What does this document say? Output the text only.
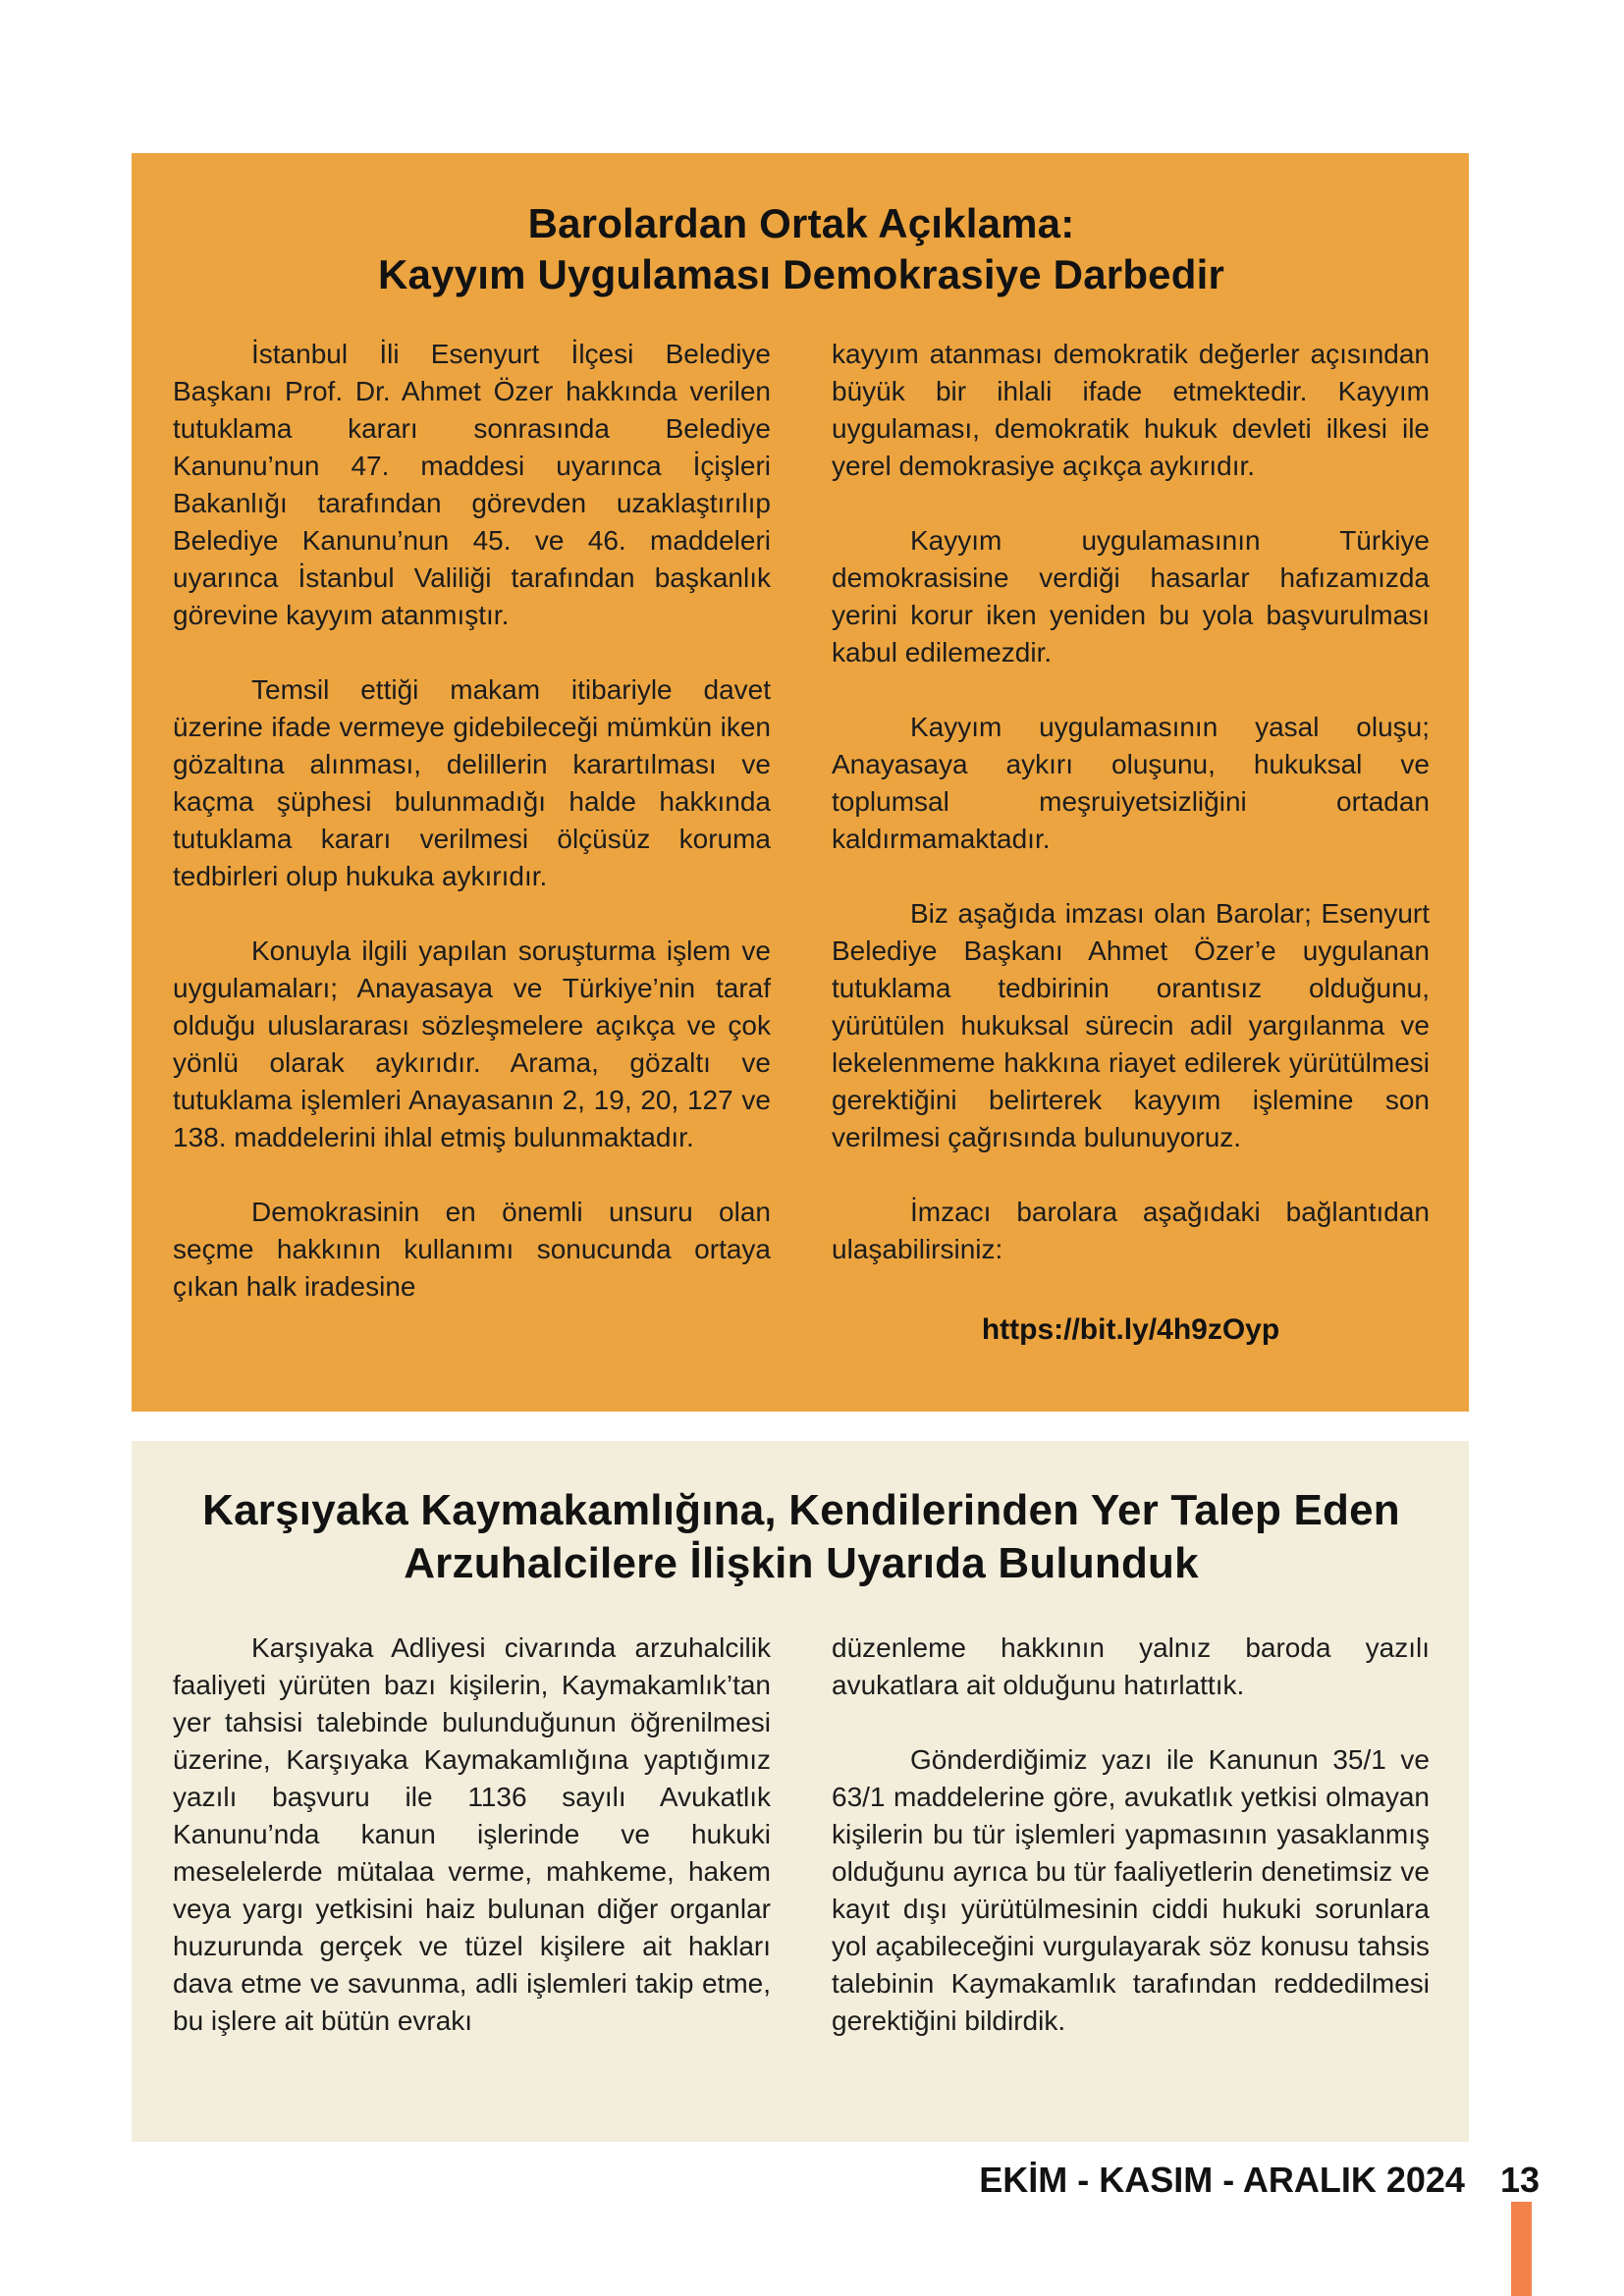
Barolardan Ortak Açıklama:
Kayyım Uygulaması Demokrasiye Darbedir

İstanbul İli Esenyurt İlçesi Belediye Başkanı Prof. Dr. Ahmet Özer hakkında verilen tutuklama kararı sonrasında Belediye Kanunu’nun 47. maddesi uyarınca İçişleri Bakanlığı tarafından görevden uzaklaştırılıp Belediye Kanunu’nun 45. ve 46. maddeleri uyarınca İstanbul Valiliği tarafından başkanlık görevine kayyım atanmıştır.

Temsil ettiği makam itibariyle davet üzerine ifade vermeye gidebileceği mümkün iken gözaltına alınması, delillerin karartılması ve kaçma şüphesi bulunmadığı halde hakkında tutuklama kararı verilmesi ölçüsüz koruma tedbirleri olup hukuka aykırıdır.

Konuyla ilgili yapılan soruşturma işlem ve uygulamaları; Anayasaya ve Türkiye’nin taraf olduğu uluslararası sözleşmelere açıkça ve çok yönlü olarak aykırıdır. Arama, gözaltı ve tutuklama işlemleri Anayasanın 2, 19, 20, 127 ve 138. maddelerini ihlal etmiş bulunmaktadır.

Demokrasinin en önemli unsuru olan seçme hakkının kullanımı sonucunda ortaya çıkan halk iradesine

kayyım atanması demokratik değerler açısından büyük bir ihlali ifade etmektedir. Kayyım uygulaması, demokratik hukuk devleti ilkesi ile yerel demokrasiye açıkça aykırıdır.

Kayyım uygulamasının Türkiye demokrasisine verdiği hasarlar hafızamızda yerini korur iken yeniden bu yola başvurulması kabul edilemezdir.

Kayyım uygulamasının yasal oluşu; Anayasaya aykırı oluşunu, hukuksal ve toplumsal meşruiyetsizliğini ortadan kaldırmamaktadır.

Biz aşağıda imzası olan Barolar; Esenyurt Belediye Başkanı Ahmet Özer’e uygulanan tutuklama tedbirinin orantısız olduğunu, yürütülen hukuksal sürecin adil yargılanma ve lekelenmeme hakkına riayet edilerek yürütülmesi gerektiğini belirterek kayyım işlemine son verilmesi çağrısında bulunuyoruz.

İmzacı barolara aşağıdaki bağlantıdan ulaşabilirsiniz:

https://bit.ly/4h9zOyp
Karşıyaka Kaymakamlığına, Kendilerinden Yer Talep Eden
Arzuhalcilere İlişkin Uyarıda Bulunduk

Karşıyaka Adliyesi civarında arzuhalcilik faaliyeti yürüten bazı kişilerin, Kaymakamlık’tan yer tahsisi talebinde bulunduğunun öğrenilmesi üzerine, Karşıyaka Kaymakamlığına yaptığımız yazılı başvuru ile 1136 sayılı Avukatlık Kanunu’nda kanun işlerinde ve hukuki meselelerde mütalaa verme, mahkeme, hakem veya yargı yetkisini haiz bulunan diğer organlar huzurunda gerçek ve tüzel kişilere ait hakları dava etme ve savunma, adli işlemleri takip etme, bu işlere ait bütün evrakı

düzenleme hakkının yalnız baroda yazılı avukatlara ait olduğunu hatırlattık.

Gönderdiğimiz yazı ile Kanunun 35/1 ve 63/1 maddelerine göre, avukatlık yetkisi olmayan kişilerin bu tür işlemleri yapmasının yasaklanmış olduğunu ayrıca bu tür faaliyetlerin denetimsiz ve kayıt dışı yürütülmesinin ciddi hukuki sorunlara yol açabileceğini vurgulayarak söz konusu tahsis talebinin Kaymakamlık tarafından reddedilmesi gerektiğini bildirdik.

EKİM - KASIM - ARALIK 2024 13
